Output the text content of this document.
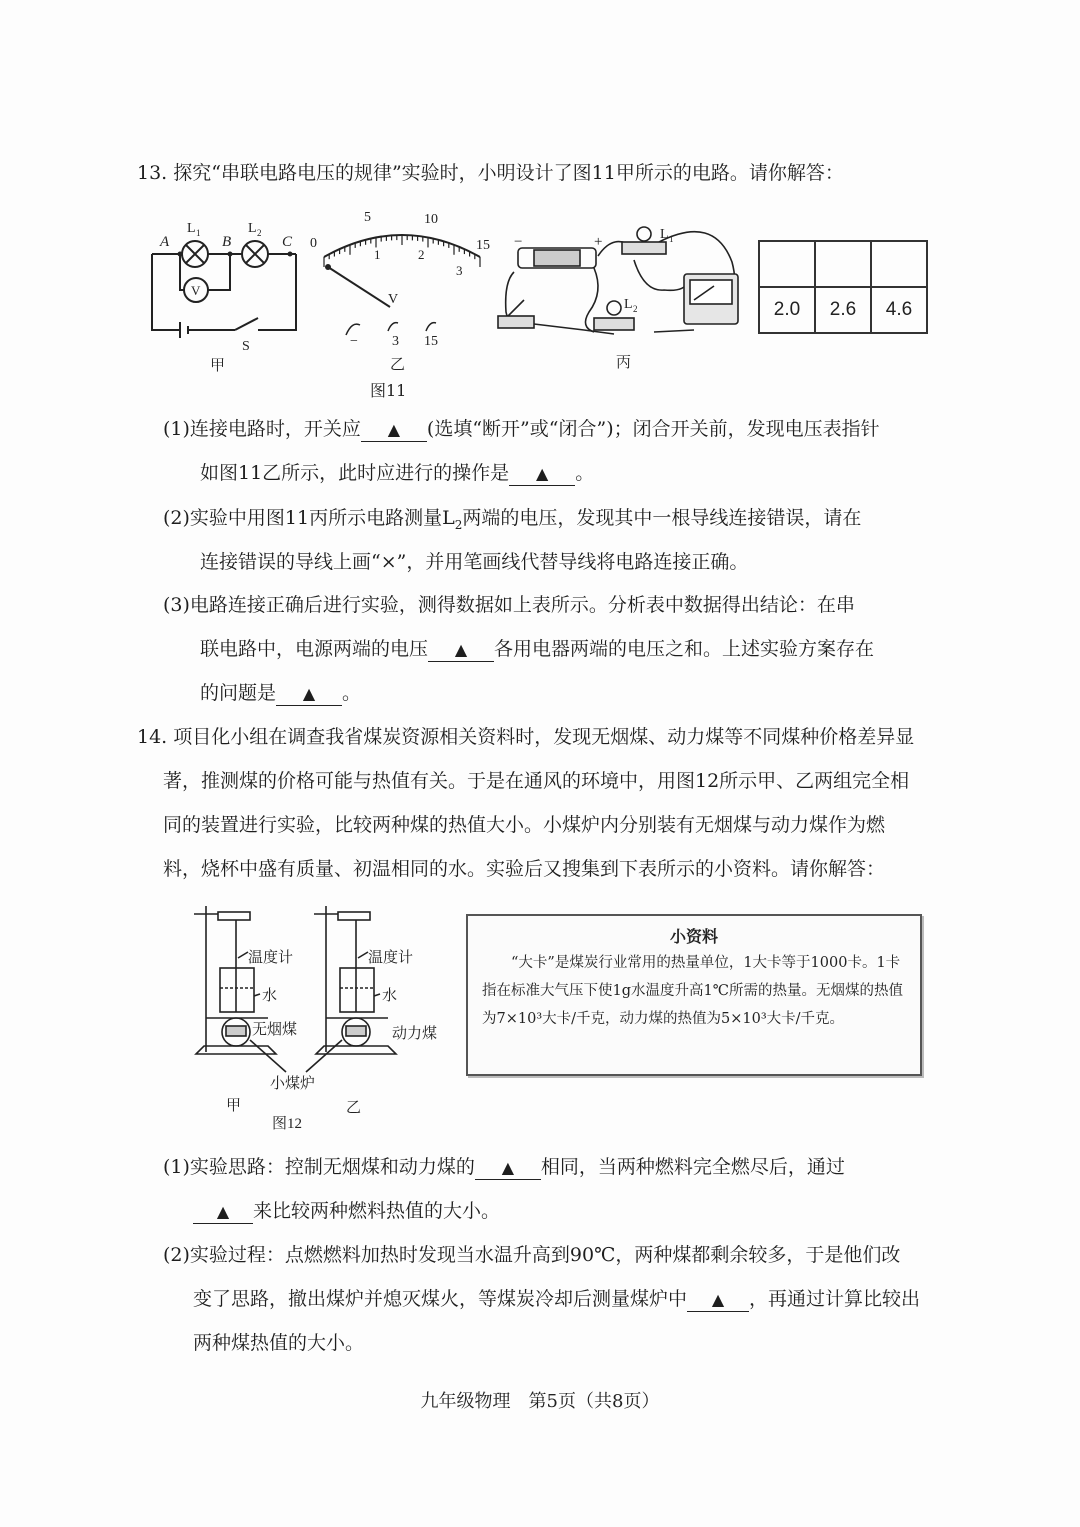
13. 探究“串联电路电压的规律”实验时，小明设计了图11甲所示的电路。请你解答：
A	B	C
L 1	L 2
V
S
甲
0
5	10
15
1	2
3
V
− 3 15
乙
图11
−	+	L 1
L 2
丙

2.0	2.6	4.6
(1)连接电路时，开关应 ▲ (选填“断开”或“闭合”)；闭合开关前，发现电压表指针
如图11乙所示，此时应进行的操作是 ▲ 。
(2)实验中用图11丙所示电路测量$L_2$两端的电压，发现其中一根导线连接错误，请在
连接错误的导线上画“×”，并用笔画线代替导线将电路连接正确。
(3)电路连接正确后进行实验，测得数据如上表所示。分析表中数据得出结论：在串
联电路中，电源两端的电压 ▲ 各用电器两端的电压之和。上述实验方案存在
的问题是 ▲ 。
14. 项目化小组在调查我省煤炭资源相关资料时，发现无烟煤、动力煤等不同煤种价格差异显
著，推测煤的价格可能与热值有关。于是在通风的环境中，用图12所示甲、乙两组完全相
同的装置进行实验，比较两种煤的热值大小。小煤炉内分别装有无烟煤与动力煤作为燃
料，烧杯中盛有质量、初温相同的水。实验后又搜集到下表所示的小资料。请你解答：
温度计	温度计
水	水
无烟煤	动力煤
小煤炉
甲	乙
图12
小资料
“大卡”是煤炭行业常用的热量单位，1大卡等于1000卡。1卡指在标准大气压下使1g水温度升高1℃所需的热量。无烟煤的热值为7×10³大卡/千克，动力煤的热值为5×10³大卡/千克。
(1)实验思路：控制无烟煤和动力煤的 ▲ 相同，当两种燃料完全燃尽后，通过
▲ 来比较两种燃料热值的大小。
(2)实验过程：点燃燃料加热时发现当水温升高到90℃，两种煤都剩余较多，于是他们改
变了思路，撤出煤炉并熄灭煤火，等煤炭冷却后测量煤炉中 ▲ ，再通过计算比较出
两种煤热值的大小。
九年级物理　第5页（共8页）
